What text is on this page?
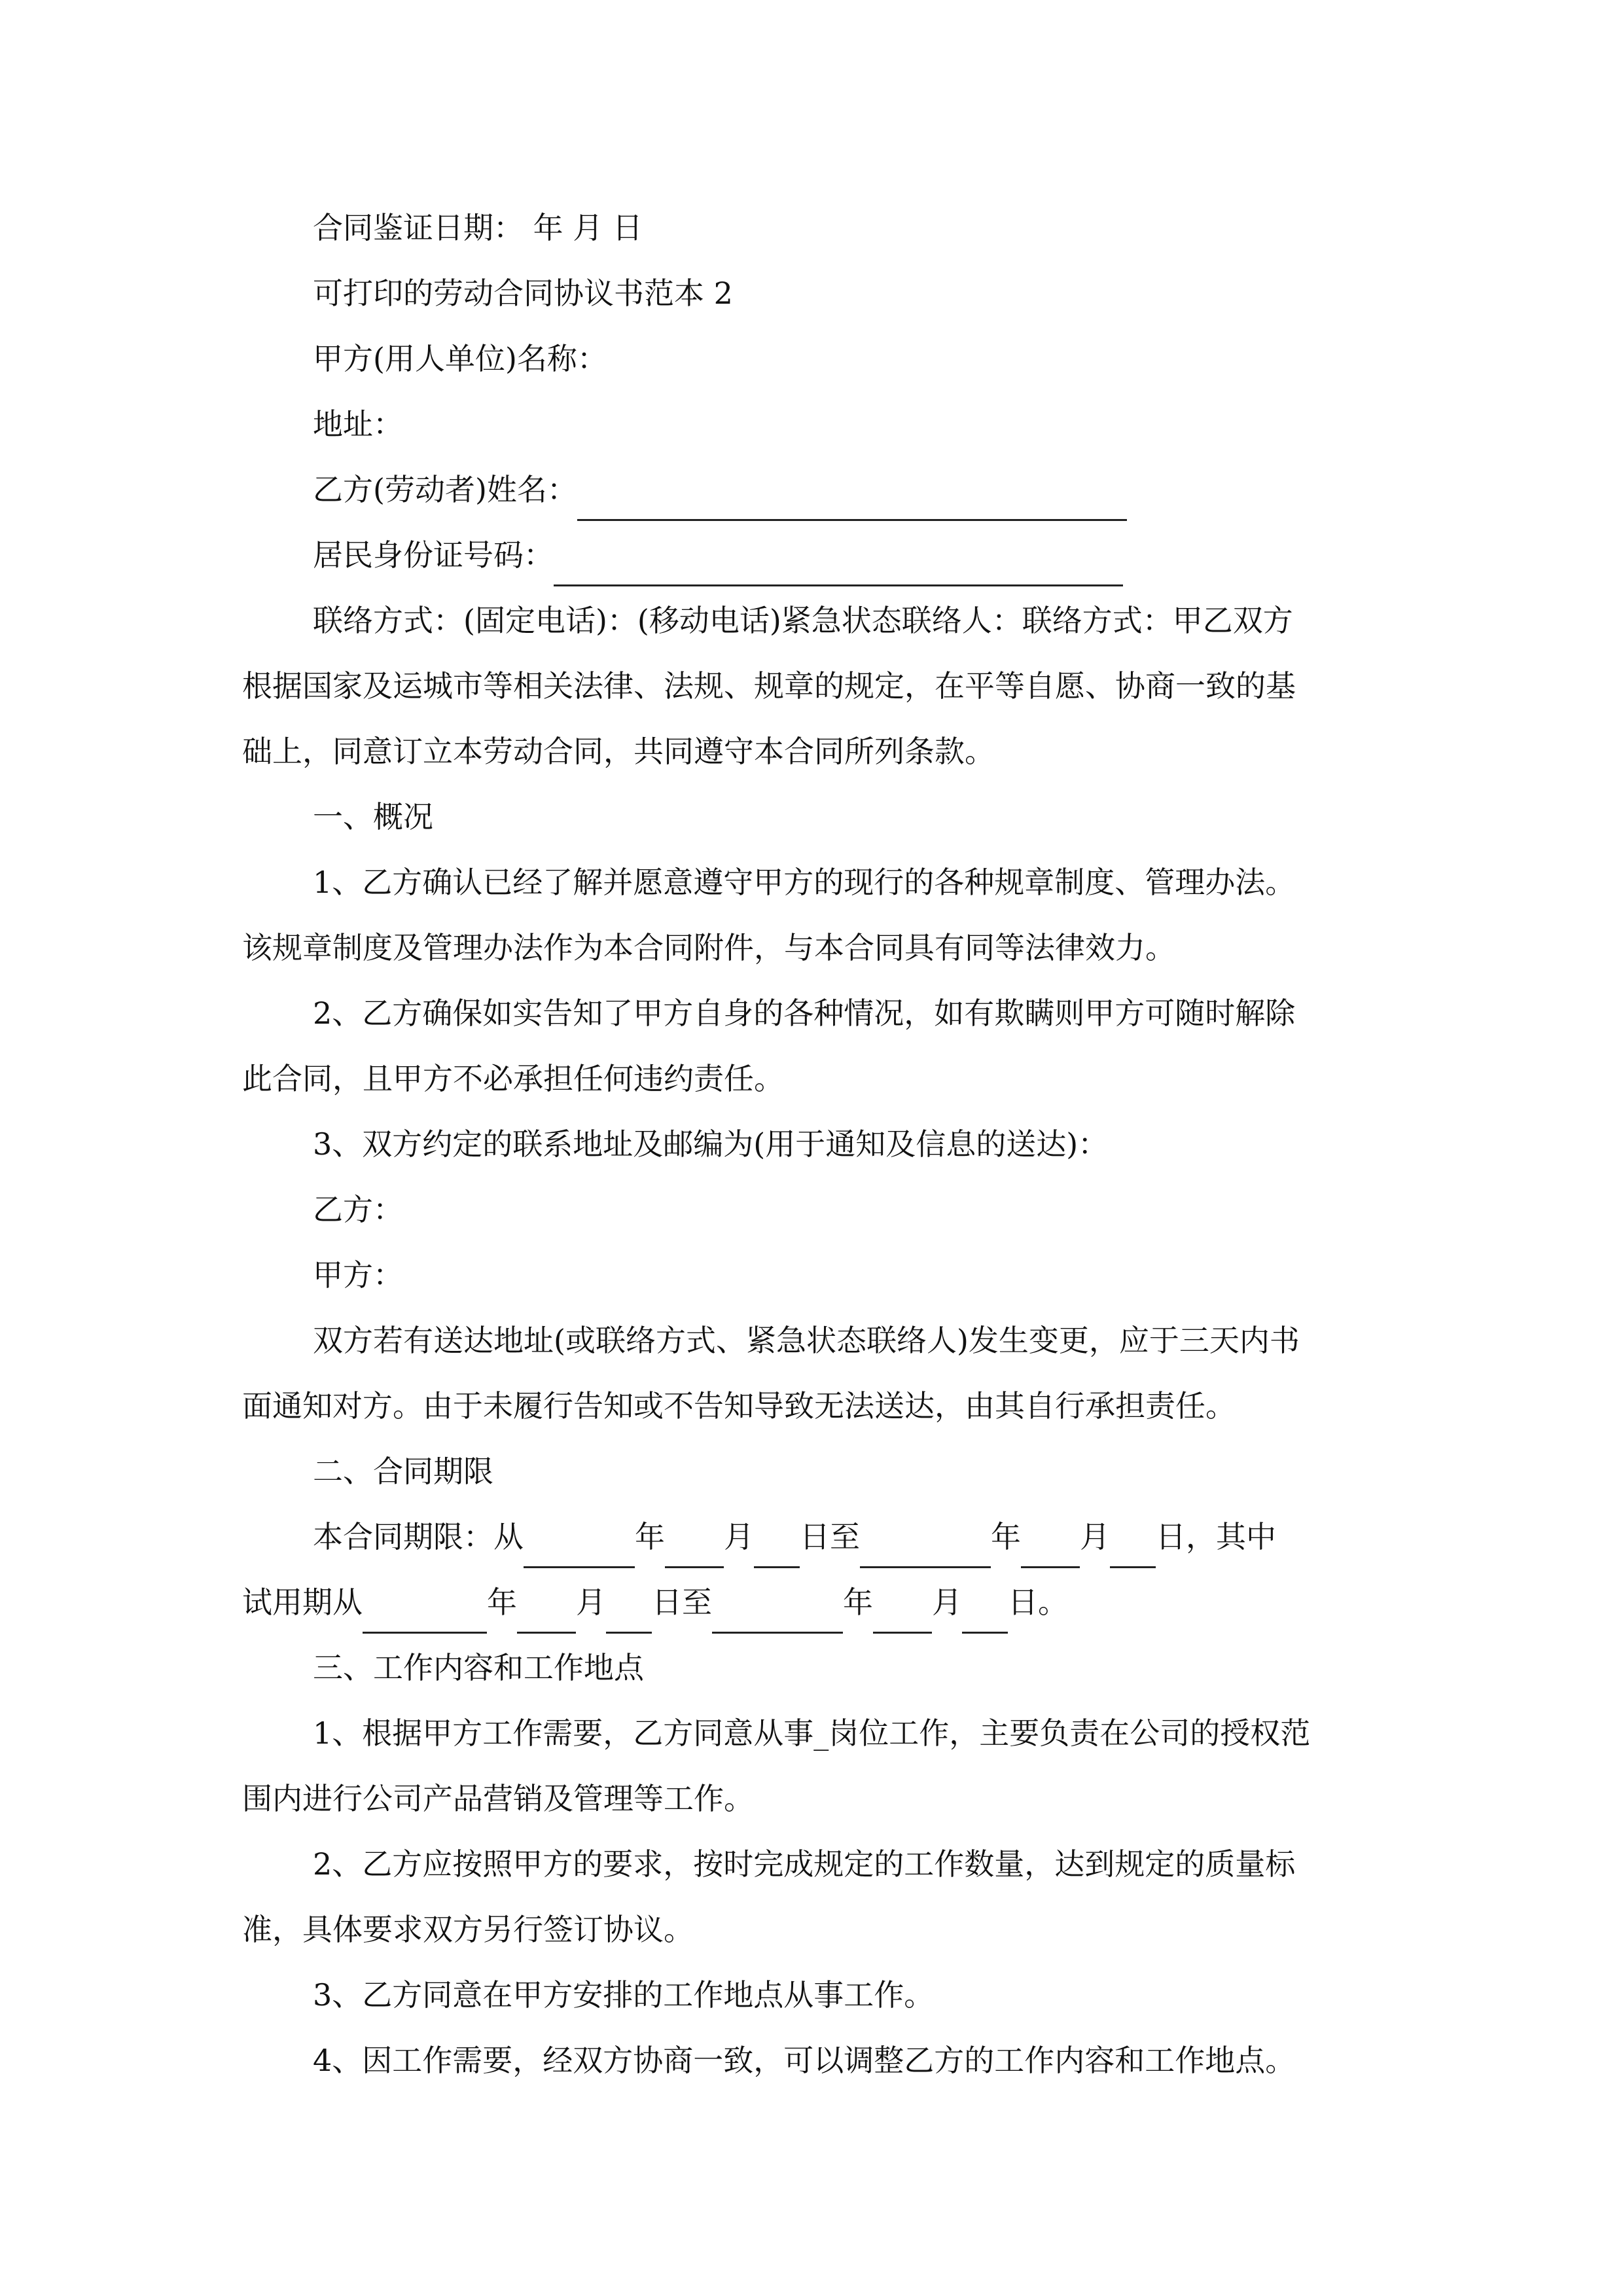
合同鉴证日期： 年 月 日
可打印的劳动合同协议书范本 2
甲方(用人单位)名称：
地址：
乙方(劳动者)姓名：
居民身份证号码：
联络方式：(固定电话)：(移动电话)紧急状态联络人：联络方式：甲乙双方
根据国家及运城市等相关法律、法规、规章的规定，在平等自愿、协商一致的基
础上，同意订立本劳动合同，共同遵守本合同所列条款。
一、概况
1、乙方确认已经了解并愿意遵守甲方的现行的各种规章制度、管理办法。
该规章制度及管理办法作为本合同附件，与本合同具有同等法律效力。
2、乙方确保如实告知了甲方自身的各种情况，如有欺瞒则甲方可随时解除
此合同，且甲方不必承担任何违约责任。
3、双方约定的联系地址及邮编为(用于通知及信息的送达)：
乙方：
甲方：
双方若有送达地址(或联络方式、紧急状态联络人)发生变更，应于三天内书
面通知对方。由于未履行告知或不告知导致无法送达，由其自行承担责任。
二、合同期限
本合同期限：从	年 月 日至	年 月 日，其中
试用期从	年 月 日至	年 月 日。
三、工作内容和工作地点
1、根据甲方工作需要，乙方同意从事_岗位工作，主要负责在公司的授权范
围内进行公司产品营销及管理等工作。
2、乙方应按照甲方的要求，按时完成规定的工作数量，达到规定的质量标
准，具体要求双方另行签订协议。
3、乙方同意在甲方安排的工作地点从事工作。
4、因工作需要，经双方协商一致，可以调整乙方的工作内容和工作地点。
